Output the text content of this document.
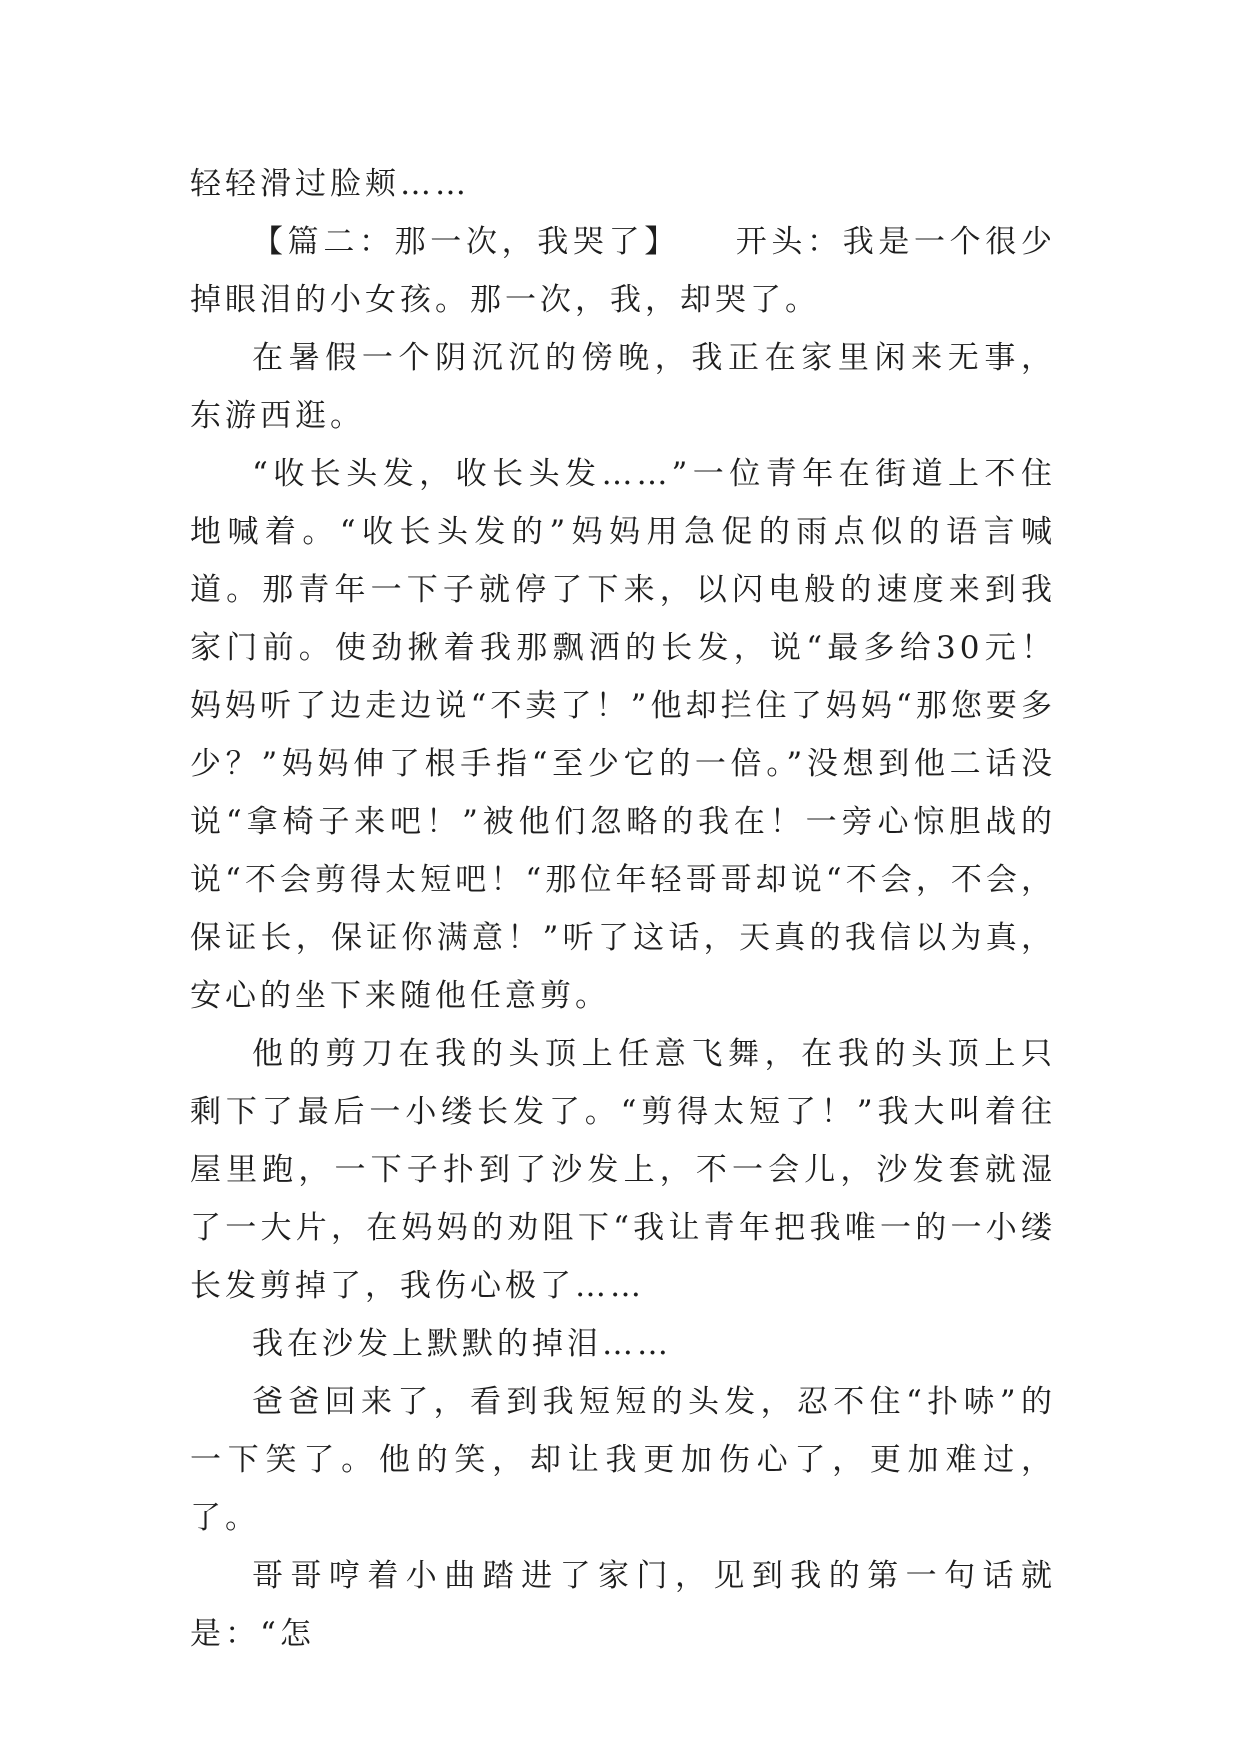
轻轻滑过脸颊……

【篇二：那一次，我哭了】　　开头：我是一个很少掉眼泪的小女孩。那一次，我，却哭了。

在暑假一个阴沉沉的傍晚，我正在家里闲来无事，东游西逛。

“收长头发，收长头发……”一位青年在街道上不住地喊着。“收长头发的”妈妈用急促的雨点似的语言喊道。那青年一下子就停了下来，以闪电般的速度来到我家门前。使劲揪着我那飘洒的长发，说“最多给30元！妈妈听了边走边说“不卖了！”他却拦住了妈妈“那您要多少？”妈妈伸了根手指“至少它的一倍。”没想到他二话没说“拿椅子来吧！”被他们忽略的我在！一旁心惊胆战的说“不会剪得太短吧！“那位年轻哥哥却说“不会，不会，保证长，保证你满意！”听了这话，天真的我信以为真，安心的坐下来随他任意剪。

他的剪刀在我的头顶上任意飞舞，在我的头顶上只剩下了最后一小缕长发了。“剪得太短了！”我大叫着往屋里跑，一下子扑到了沙发上，不一会儿，沙发套就湿了一大片，在妈妈的劝阻下“我让青年把我唯一的一小缕长发剪掉了，我伤心极了……

我在沙发上默默的掉泪……

爸爸回来了，看到我短短的头发，忍不住“扑哧”的一下笑了。他的笑，却让我更加伤心了，更加难过，了。

哥哥哼着小曲踏进了家门，见到我的第一句话就是：“怎
